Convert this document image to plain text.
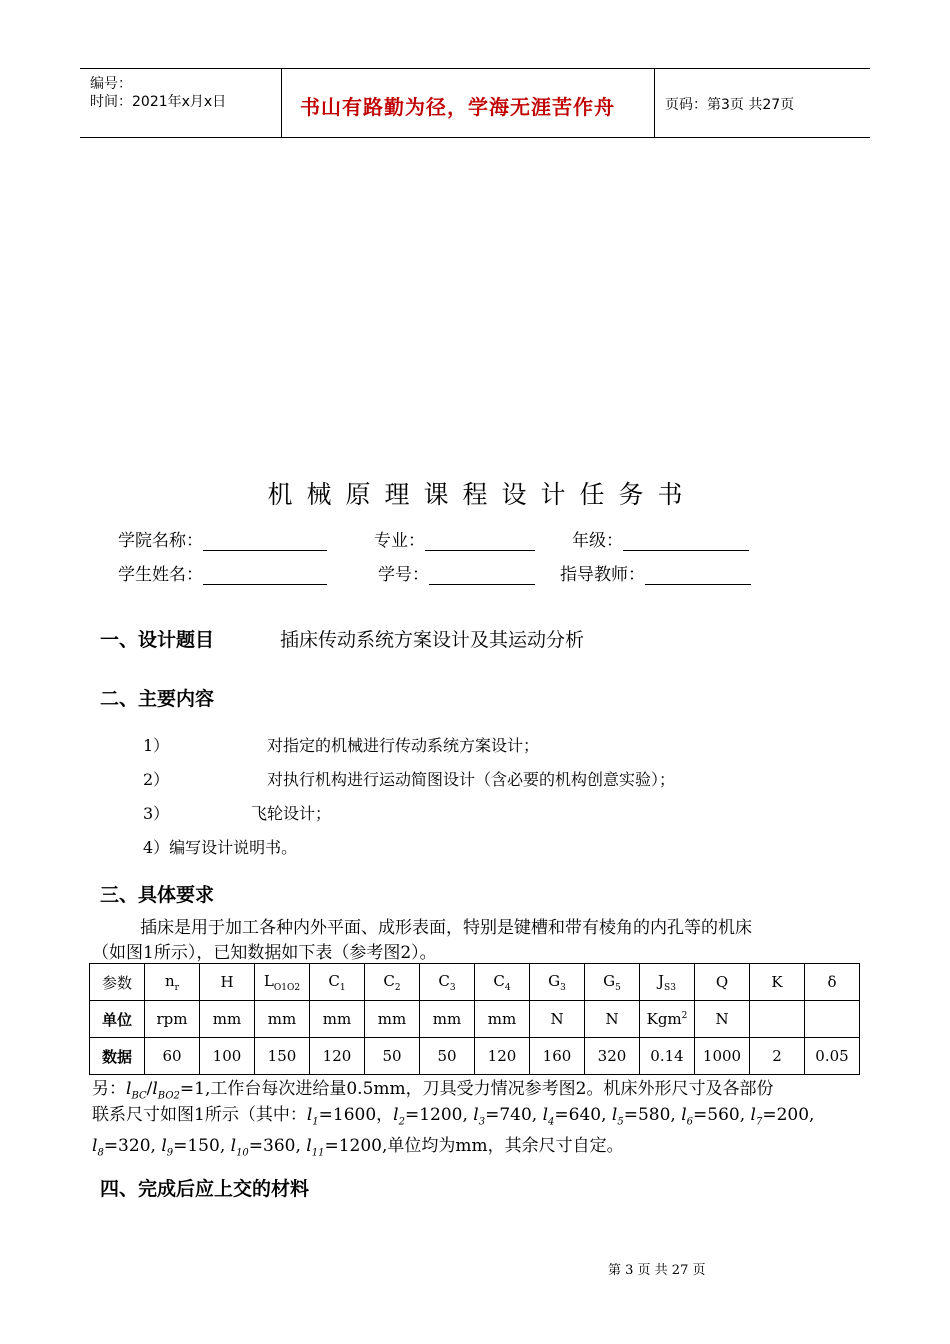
编号：
时间：2021年x月x日	书山有路勤为径，学海无涯苦作舟	页码：第3页 共27页
机械原理课程设计任务书
学院名称：	专业：	年级：
学生姓名：	学号：	指导教师：
一、设计题目	插床传动系统方案设计及其运动分析
二、主要内容
1）	对指定的机械进行传动系统方案设计；
2）	对执行机构进行运动简图设计（含必要的机构创意实验）；
3）	飞轮设计；
4）编写设计说明书。
三、具体要求
插床是用于加工各种内外平面、成形表面，特别是键槽和带有棱角的内孔等的机床
（如图1所示），已知数据如下表（参考图2）。
参数	$n_r$	H	$L_{O1O2}$	$C_1$	$C_2$	$C_3$	$C_4$	$G_3$	$G_5$	$J_{S3}$	Q	K	δ
单位	rpm	mm	mm	mm	mm	mm	mm	N	N	Kgm$^2$	N		
数据	60	100	150	120	50	50	120	160	320	0.14	1000	2	0.05
另：$l_{BC}/l_{BO2}=1$,工作台每次进给量0.5mm，刀具受力情况参考图2。机床外形尺寸及各部份
联系尺寸如图1所示（其中：$l_1=1600$，$l_2=1200$, $l_3=740$, $l_4=640$, $l_5=580$, $l_6=560$, $l_7=200$, $l_8=320$, $l_9=150$, $l_{10}=360$, $l_{11}=1200$,单位均为mm，其余尺寸自定。
四、完成后应上交的材料
第 3 页 共 27 页
